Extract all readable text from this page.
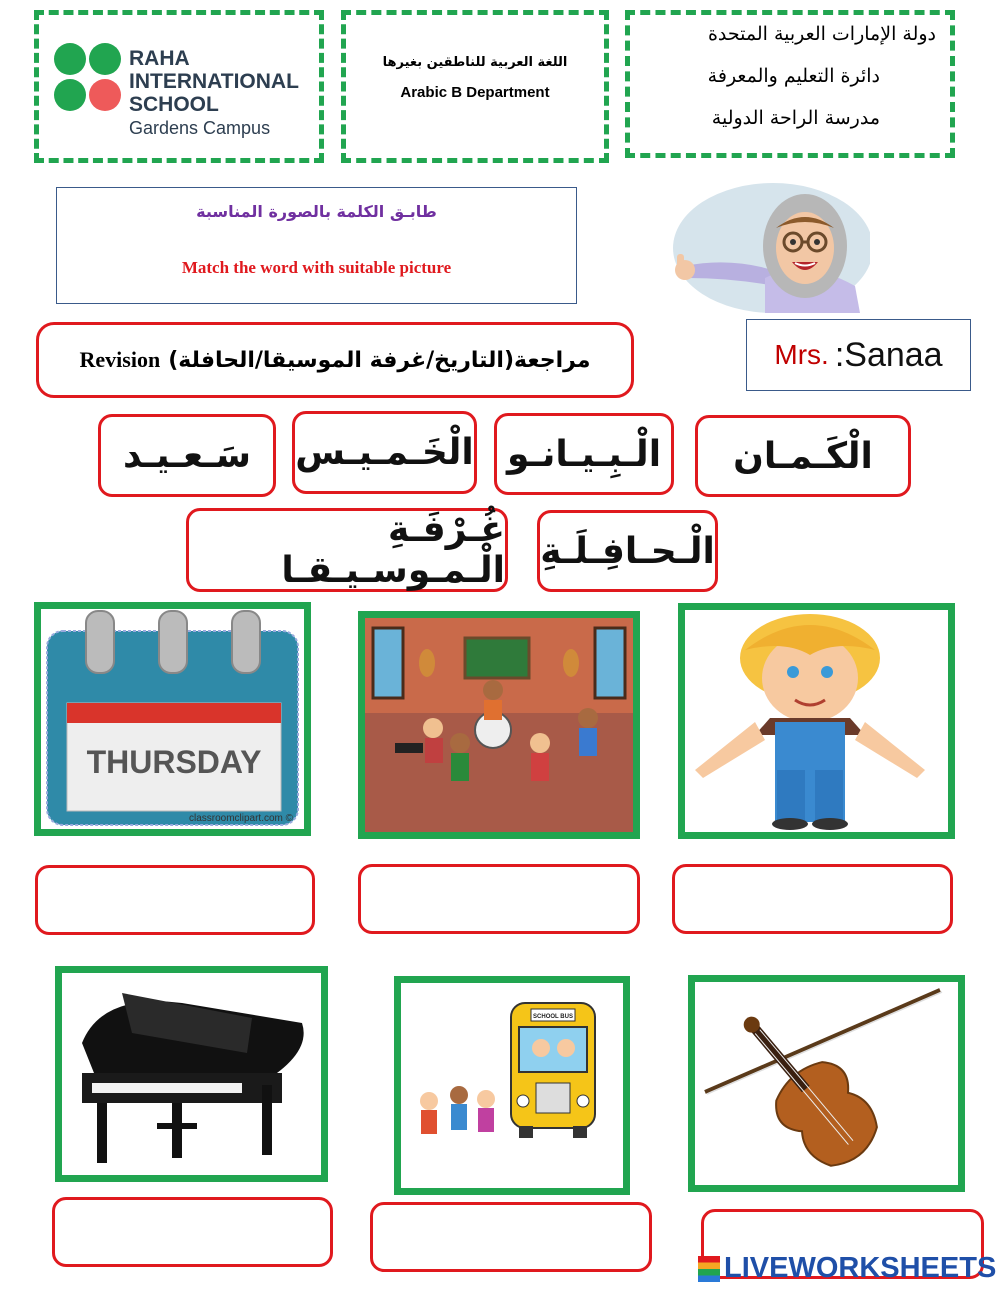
RAHA
INTERNATIONAL
SCHOOL
Gardens Campus
اللغة العربية للناطقين بغيرها
Arabic B Department
دولة الإمارات العربية المتحدة
دائرة التعليم والمعرفة
مدرسة الراحة الدولية
طابـق الكلمة بالصورة المناسبة
Match the word with suitable picture
Mrs. :Sanaa
Revision مراجعة(التاريخ/غرفة الموسيقا/الحافلة)
الْكَـمـان
الْـبِـيـانـو
الْخَـمـيـس
سَـعـيـد
الْـحـافِـلَـةِ
غُـرْفَـةِ الْـمـوسـيـقـا
THURSDAY
classroomclipart.com ©
SCHOOL BUS
LIVEWORKSHEETS
